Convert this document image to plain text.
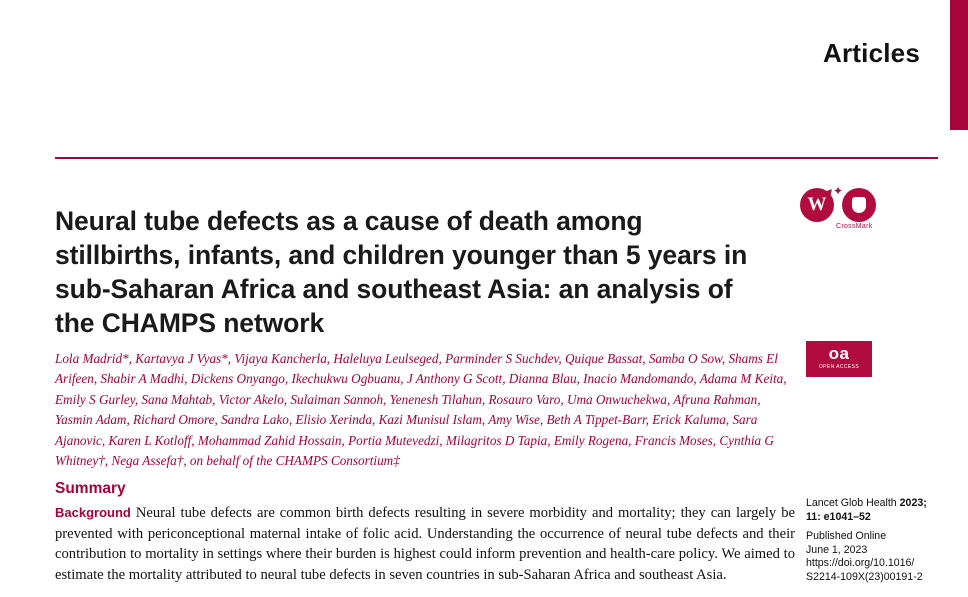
Articles
Neural tube defects as a cause of death among stillbirths, infants, and children younger than 5 years in sub-Saharan Africa and southeast Asia: an analysis of the CHAMPS network
W
✦
CrossMark
Lola Madrid*, Kartavya J Vyas*, Vijaya Kancherla, Haleluya Leulseged, Parminder S Suchdev, Quique Bassat, Samba O Sow, Shams El Arifeen, Shabir A Madhi, Dickens Onyango, Ikechukwu Ogbuanu, J Anthony G Scott, Dianna Blau, Inacio Mandomando, Adama M Keita, Emily S Gurley, Sana Mahtab, Victor Akelo, Sulaiman Sannoh, Yenenesh Tilahun, Rosauro Varo, Uma Onwuchekwa, Afruna Rahman, Yasmin Adam, Richard Omore, Sandra Lako, Elisio Xerinda, Kazi Munisul Islam, Amy Wise, Beth A Tippet-Barr, Erick Kaluma, Sara Ajanovic, Karen L Kotloff, Mohammad Zahid Hossain, Portia Mutevedzi, Milagritos D Tapia, Emily Rogena, Francis Moses, Cynthia G Whitney†, Nega Assefa†, on behalf of the CHAMPS Consortium‡
oa
OPEN ACCESS
Summary
Background Neural tube defects are common birth defects resulting in severe morbidity and mortality; they can largely be prevented with periconceptional maternal intake of folic acid. Understanding the occurrence of neural tube defects and their contribution to mortality in settings where their burden is highest could inform prevention and health-care policy. We aimed to estimate the mortality attributed to neural tube defects in seven countries in sub-Saharan Africa and southeast Asia.
Lancet Glob Health 2023;
11: e1041–52
Published Online
June 1, 2023
https://doi.org/10.1016/
S2214-109X(23)00191-2
